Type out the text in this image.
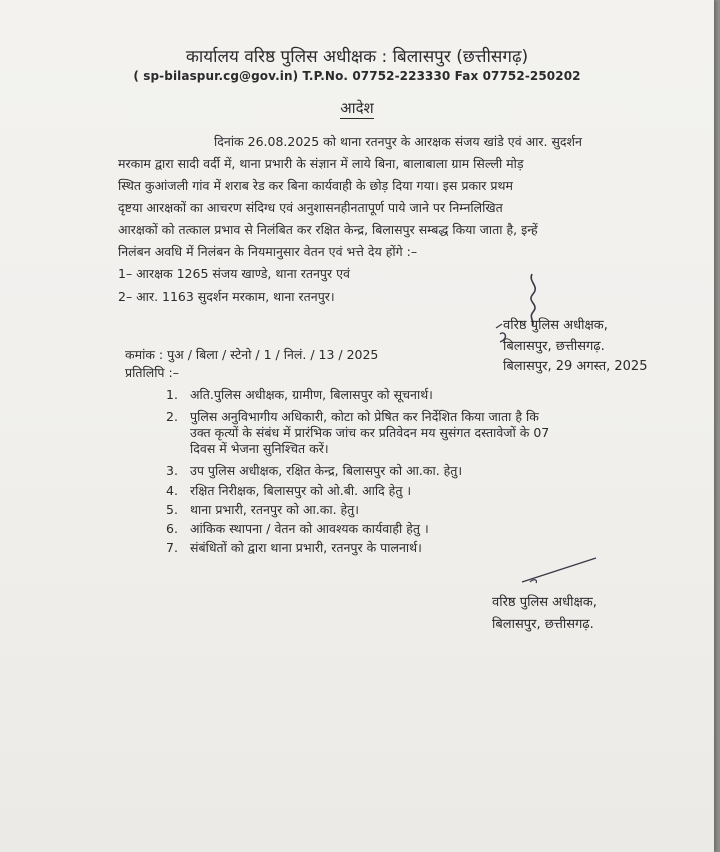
कार्यालय वरिष्ठ पुलिस अधीक्षक : बिलासपुर (छत्तीसगढ़)
( sp-bilaspur.cg@gov.in) T.P.No. 07752-223330 Fax 07752-250202
आदेश
दिनांक 26.08.2025 को थाना रतनपुर के आरक्षक संजय खांडे एवं आर. सुदर्शन
मरकाम द्वारा सादी वर्दी में, थाना प्रभारी के संज्ञान में लाये बिना, बालाबाला ग्राम सिल्ली मोड़
स्थित कुआंजली गांव में शराब रेड कर बिना कार्यवाही के छोड़ दिया गया। इस प्रकार प्रथम
दृष्टया आरक्षकों का आचरण संदिग्ध एवं अनुशासनहीनतापूर्ण पाये जाने पर निम्नलिखित
आरक्षकों को तत्काल प्रभाव से निलंबित कर रक्षित केन्द्र, बिलासपुर सम्बद्ध किया जाता है, इन्हें
निलंबन अवधि में निलंबन के नियमानुसार वेतन एवं भत्ते देय होंगे :–
1– आरक्षक 1265 संजय खाण्डे, थाना रतनपुर एवं
2– आर. 1163 सुदर्शन मरकाम, थाना रतनपुर।
वरिष्ठ पुलिस अधीक्षक,
बिलासपुर, छत्तीसगढ़.
बिलासपुर, 29 अगस्त, 2025
कमांक : पुअ / बिला / स्टेनो / 1 / निलं. / 13 / 2025
प्रतिलिपि :–
1. अति.पुलिस अधीक्षक, ग्रामीण, बिलासपुर को सूचनार्थ।
2. पुलिस अनुविभागीय अधिकारी, कोटा को प्रेषित कर निर्देशित किया जाता है कि
उक्त कृत्यों के संबंध में प्रारंभिक जांच कर प्रतिवेदन मय सुसंगत दस्तावेजों के 07
दिवस में भेजना सुनिश्चित करें।
3. उप पुलिस अधीक्षक, रक्षित केन्द्र, बिलासपुर को आ.का. हेतु।
4. रक्षित निरीक्षक, बिलासपुर को ओ.बी. आदि हेतु ।
5. थाना प्रभारी, रतनपुर को आ.का. हेतु।
6. आंकिक स्थापना / वेतन को आवश्यक कार्यवाही हेतु ।
7. संबंधितों को द्वारा थाना प्रभारी, रतनपुर के पालनार्थ।
वरिष्ठ पुलिस अधीक्षक,
बिलासपुर, छत्तीसगढ़.
